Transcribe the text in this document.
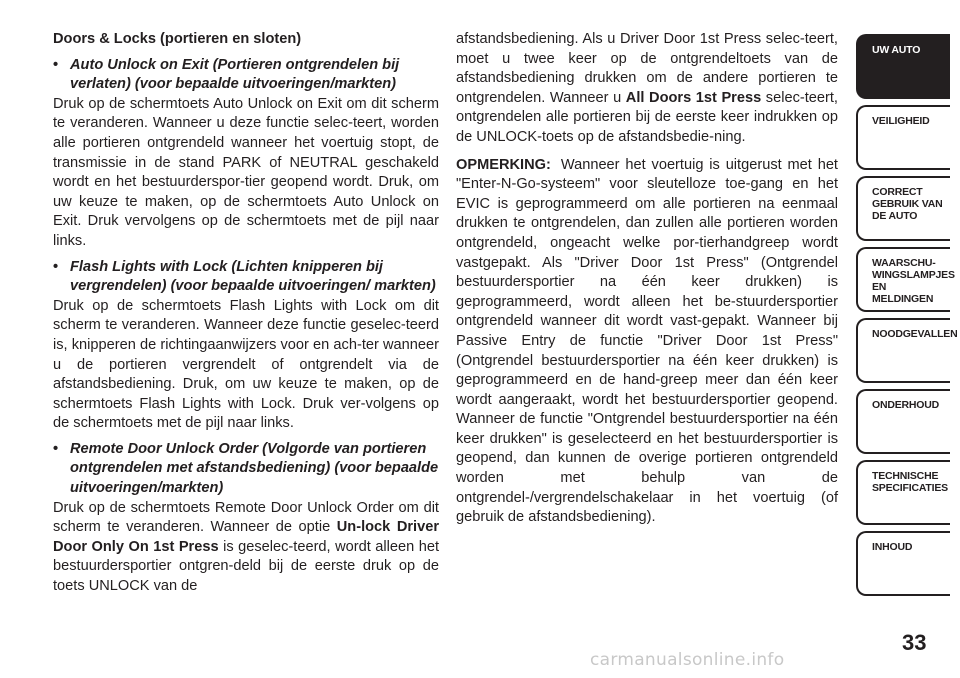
Doors & Locks (portieren en sloten)

• Auto Unlock on Exit (Portieren ontgrendelen bij verlaten) (voor bepaalde uitvoeringen/markten)

Druk op de schermtoets Auto Unlock on Exit om dit scherm te veranderen. Wanneer u deze functie selec-teert, worden alle portieren ontgrendeld wanneer het voertuig stopt, de transmissie in de stand PARK of NEUTRAL geschakeld wordt en het bestuurderspor-tier geopend wordt. Druk, om uw keuze te maken, op de schermtoets Auto Unlock on Exit. Druk vervolgens op de schermtoets met de pijl naar links.

• Flash Lights with Lock (Lichten knipperen bij vergrendelen) (voor bepaalde uitvoeringen/ markten)

Druk op de schermtoets Flash Lights with Lock om dit scherm te veranderen. Wanneer deze functie geselec-teerd is, knipperen de richtingaanwijzers voor en ach-ter wanneer u de portieren vergrendelt of ontgrendelt via de afstandsbediening. Druk, om uw keuze te maken, op de schermtoets Flash Lights with Lock. Druk ver-volgens op de schermtoets met de pijl naar links.

• Remote Door Unlock Order (Volgorde van portieren ontgrendelen met afstandsbediening) (voor bepaalde uitvoeringen/markten)

Druk op de schermtoets Remote Door Unlock Order om dit scherm te veranderen. Wanneer de optie Un-lock Driver Door Only On 1st Press is geselec-teerd, wordt alleen het bestuurdersportier ontgren-deld bij de eerste druk op de toets UNLOCK van de

afstandsbediening. Als u Driver Door 1st Press selec-teert, moet u twee keer op de ontgrendeltoets van de afstandsbediening drukken om de andere portieren te ontgrendelen. Wanneer u All Doors 1st Press selec-teert, ontgrendelen alle portieren bij de eerste keer indrukken op de UNLOCK-toets op de afstandsbedie-ning.

OPMERKING: Wanneer het voertuig is uitgerust met het "Enter-N-Go-systeem" voor sleutelloze toe-gang en het EVIC is geprogrammeerd om alle portieren na eenmaal drukken te ontgrendelen, dan zullen alle portieren worden ontgrendeld, ongeacht welke por-tierhandgreep wordt vastgepakt. Als "Driver Door 1st Press" (Ontgrendel bestuurdersportier na één keer drukken) is geprogrammeerd, wordt alleen het be-stuurdersportier ontgrendeld wanneer dit wordt vast-gepakt. Wanneer bij Passive Entry de functie "Driver Door 1st Press" (Ontgrendel bestuurdersportier na één keer drukken) is geprogrammeerd en de hand-greep meer dan één keer wordt aangeraakt, wordt het bestuurdersportier geopend. Wanneer de functie "Ontgrendel bestuurdersportier na één keer drukken" is geselecteerd en het bestuurdersportier is geopend, dan kunnen de overige portieren ontgrendeld worden met behulp van de ontgrendel-/vergrendelschakelaar in het voertuig (of gebruik de afstandsbediening).

UW AUTO
VEILIGHEID
CORRECT
GEBRUIK VAN
DE AUTO
WAARSCHU-
WINGSLAMPJES
EN MELDINGEN
NOODGEVALLEN
ONDERHOUD
TECHNISCHE
SPECIFICATIES
INHOUD
33
carmanualsonline.info
